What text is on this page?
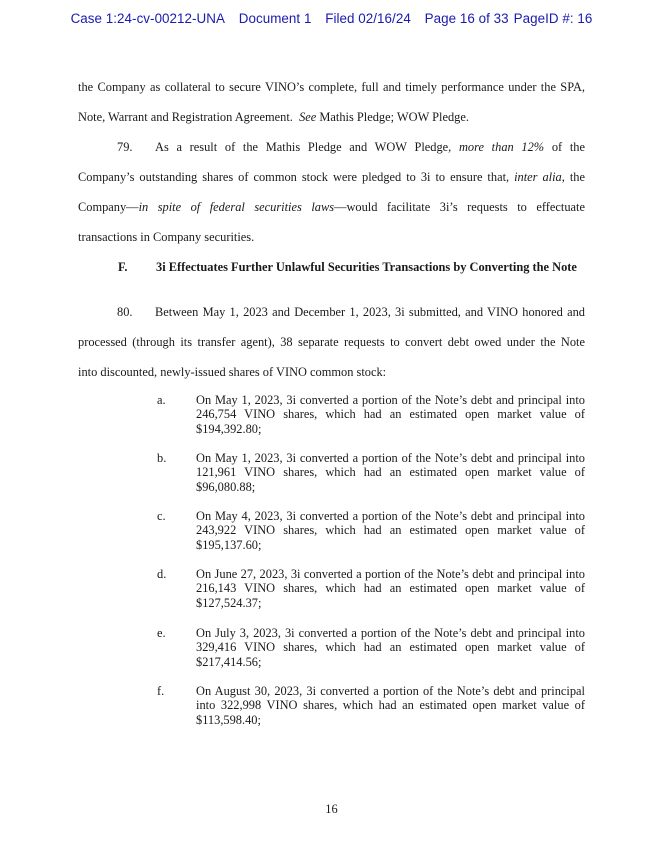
Case 1:24-cv-00212-UNA Document 1 Filed 02/16/24 Page 16 of 33 PageID #: 16
the Company as collateral to secure VINO’s complete, full and timely performance under the SPA,
Note, Warrant and Registration Agreement.  See Mathis Pledge; WOW Pledge.
79. As a result of the Mathis Pledge and WOW Pledge, more than 12% of the
Company’s outstanding shares of common stock were pledged to 3i to ensure that, inter alia, the
Company—in spite of federal securities laws—would facilitate 3i’s requests to effectuate
transactions in Company securities.
F. 3i Effectuates Further Unlawful Securities Transactions by Converting the Note
80. Between May 1, 2023 and December 1, 2023, 3i submitted, and VINO honored and
processed (through its transfer agent), 38 separate requests to convert debt owed under the Note
into discounted, newly-issued shares of VINO common stock:
a. On May 1, 2023, 3i converted a portion of the Note’s debt and principal into 246,754 VINO shares, which had an estimated open market value of $194,392.80;
b. On May 1, 2023, 3i converted a portion of the Note’s debt and principal into 121,961 VINO shares, which had an estimated open market value of $96,080.88;
c. On May 4, 2023, 3i converted a portion of the Note’s debt and principal into 243,922 VINO shares, which had an estimated open market value of $195,137.60;
d. On June 27, 2023, 3i converted a portion of the Note’s debt and principal into 216,143 VINO shares, which had an estimated open market value of $127,524.37;
e. On July 3, 2023, 3i converted a portion of the Note’s debt and principal into 329,416 VINO shares, which had an estimated open market value of $217,414.56;
f.	On August 30, 2023, 3i converted a portion of the Note’s debt and principal into 322,998 VINO shares, which had an estimated open market value of $113,598.40;
16
